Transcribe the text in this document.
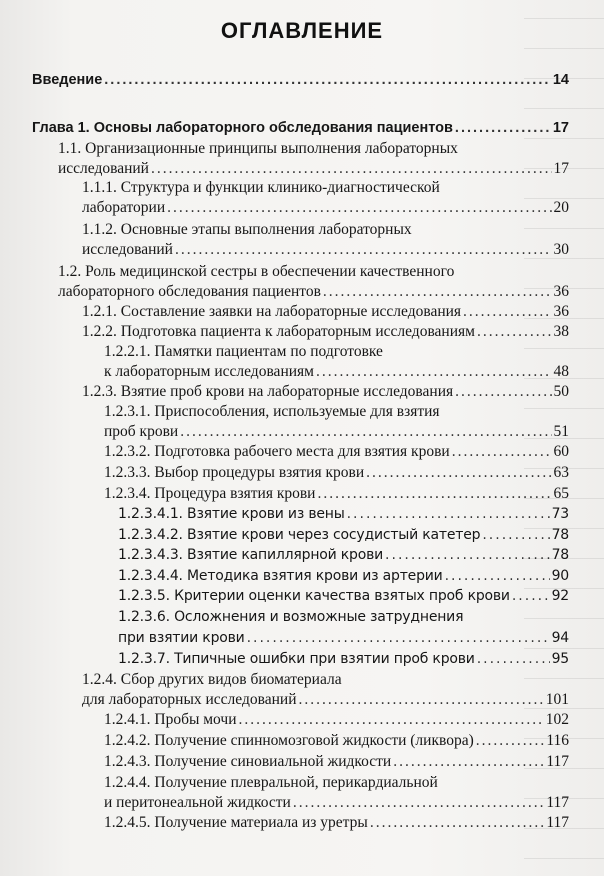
ОГЛАВЛЕНИЕ
Введение .....	14
Глава 1. Основы лабораторного обследования пациентов .....	17
1.1. Организационные принципы выполнения лабораторных
исследований .....	17
1.1.1. Структура и функции клинико-диагностической
лаборатории .....	20
1.1.2. Основные этапы выполнения лабораторных
исследований .....	30
1.2. Роль медицинской сестры в обеспечении качественного
лабораторного обследования пациентов .....	36
1.2.1. Составление заявки на лабораторные исследования .....	36
1.2.2. Подготовка пациента к лабораторным исследованиям .....	38
1.2.2.1. Памятки пациентам по подготовке
к лабораторным исследованиям .....	48
1.2.3. Взятие проб крови на лабораторные исследования .....	50
1.2.3.1. Приспособления, используемые для взятия
проб крови .....	51
1.2.3.2. Подготовка рабочего места для взятия крови .....	60
1.2.3.3. Выбор процедуры взятия крови .....	63
1.2.3.4. Процедура взятия крови .....	65
1.2.3.4.1. Взятие крови из вены .....	73
1.2.3.4.2. Взятие крови через сосудистый катетер .....	78
1.2.3.4.3. Взятие капиллярной крови .....	78
1.2.3.4.4. Методика взятия крови из артерии .....	90
1.2.3.5. Критерии оценки качества взятых проб крови .....	92
1.2.3.6. Осложнения и возможные затруднения
при взятии крови .....	94
1.2.3.7. Типичные ошибки при взятии проб крови .....	95
1.2.4. Сбор других видов биоматериала
для лабораторных исследований .....	101
1.2.4.1. Пробы мочи .....	102
1.2.4.2. Получение спинномозговой жидкости (ликвора) .....	116
1.2.4.3. Получение синовиальной жидкости .....	117
1.2.4.4. Получение плевральной, перикардиальной
и перитонеальной жидкости .....	117
1.2.4.5. Получение материала из уретры .....	117
